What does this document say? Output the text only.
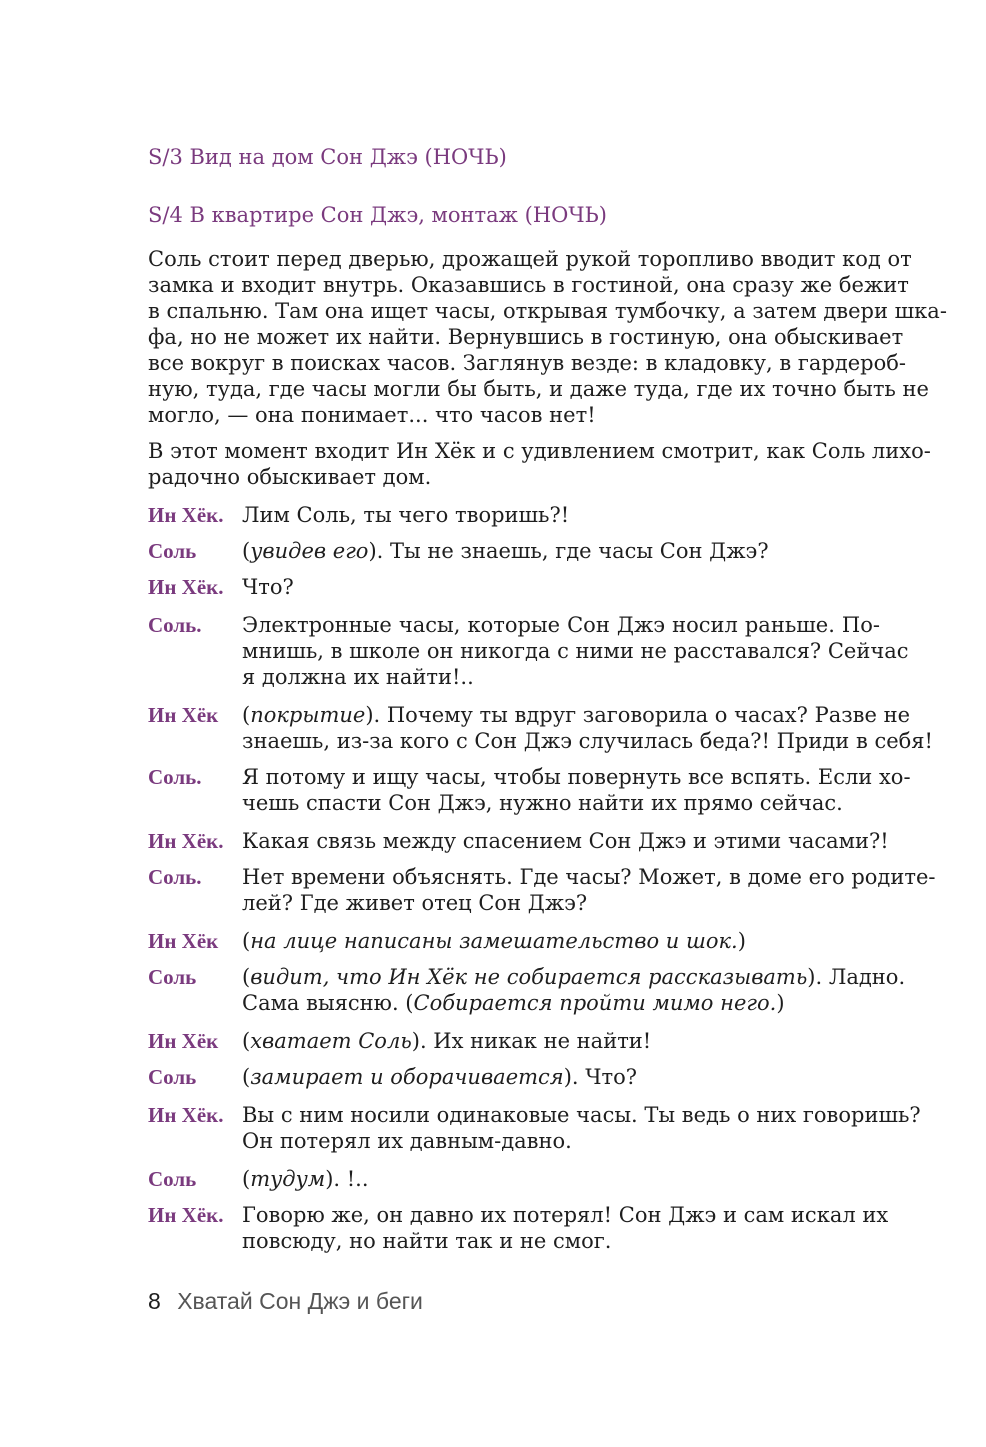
S/3 Вид на дом Сон Джэ (НОЧЬ)
S/4 В квартире Сон Джэ, монтаж (НОЧЬ)
Соль стоит перед дверью, дрожащей рукой торопливо вводит код от
замка и входит внутрь. Оказавшись в гостиной, она сразу же бежит
в спальню. Там она ищет часы, открывая тумбочку, а затем двери шка-
фа, но не может их найти. Вернувшись в гостиную, она обыскивает
все вокруг в поисках часов. Заглянув везде: в кладовку, в гардероб-
ную, туда, где часы могли бы быть, и даже туда, где их точно быть не
могло, — она понимает... что часов нет!
В этот момент входит Ин Хёк и с удивлением смотрит, как Соль лихо-
радочно обыскивает дом.
Ин Хёк. Лим Соль, ты чего творишь?!
Соль (увидев его). Ты не знаешь, где часы Сон Джэ?
Ин Хёк. Что?
Соль. Электронные часы, которые Сон Джэ носил раньше. По-
мнишь, в школе он никогда с ними не расставался? Сейчас
я должна их найти!..
Ин Хёк (покрытие). Почему ты вдруг заговорила о часах? Разве не
знаешь, из-за кого с Сон Джэ случилась беда?! Приди в себя!
Соль. Я потому и ищу часы, чтобы повернуть все вспять. Если хо-
чешь спасти Сон Джэ, нужно найти их прямо сейчас.
Ин Хёк. Какая связь между спасением Сон Джэ и этими часами?!
Соль. Нет времени объяснять. Где часы? Может, в доме его родите-
лей? Где живет отец Сон Джэ?
Ин Хёк (на лице написаны замешательство и шок.)
Соль (видит, что Ин Хёк не собирается рассказывать). Ладно.
Сама выясню. (Собирается пройти мимо него.)
Ин Хёк (хватает Соль). Их никак не найти!
Соль (замирает и оборачивается). Что?
Ин Хёк. Вы с ним носили одинаковые часы. Ты ведь о них говоришь?
Он потерял их давным-давно.
Соль (тудум). !..
Ин Хёк. Говорю же, он давно их потерял! Сон Джэ и сам искал их
повсюду, но найти так и не смог.
8 Хватай Сон Джэ и беги
